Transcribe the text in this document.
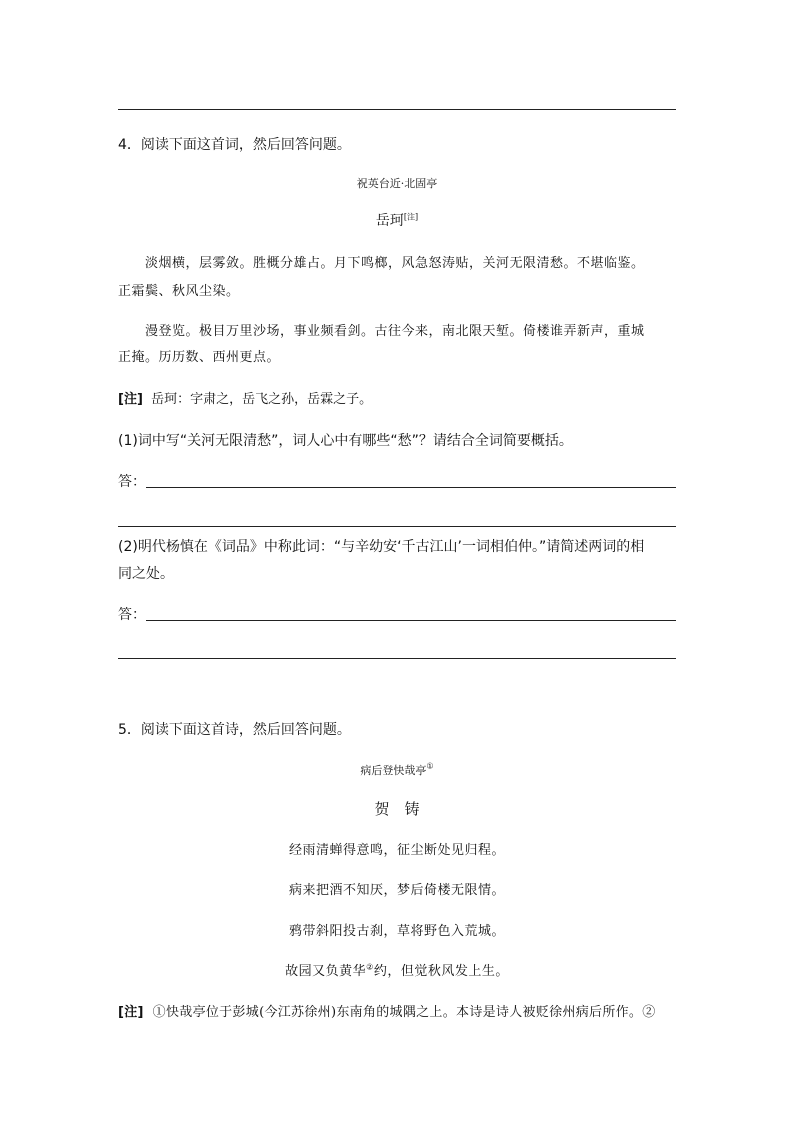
4．阅读下面这首词，然后回答问题。
祝英台近·北固亭
岳珂[注]
淡烟横，层雾敛。胜概分雄占。月下鸣榔，风急怒涛贴，关河无限清愁。不堪临鉴。
正霜鬓、秋风尘染。
漫登览。极目万里沙场，事业频看剑。古往今来，南北限天堑。倚楼谁弄新声，重城
正掩。历历数、西州更点。
[注] 岳珂：字肃之，岳飞之孙，岳霖之子。
(1)词中写“关河无限清愁”，词人心中有哪些“愁”？请结合全词简要概括。
答：
(2)明代杨慎在《词品》中称此词：“与辛幼安‘千古江山’一词相伯仲。”请简述两词的相
同之处。
答：
5．阅读下面这首诗，然后回答问题。
病后登快哉亭①
贺　铸
经雨清蝉得意鸣，征尘断处见归程。
病来把酒不知厌，梦后倚楼无限情。
鸦带斜阳投古刹，草将野色入荒城。
故园又负黄华②约，但觉秋风发上生。
[注] ①快哉亭位于彭城(今江苏徐州)东南角的城隅之上。本诗是诗人被贬徐州病后所作。②
